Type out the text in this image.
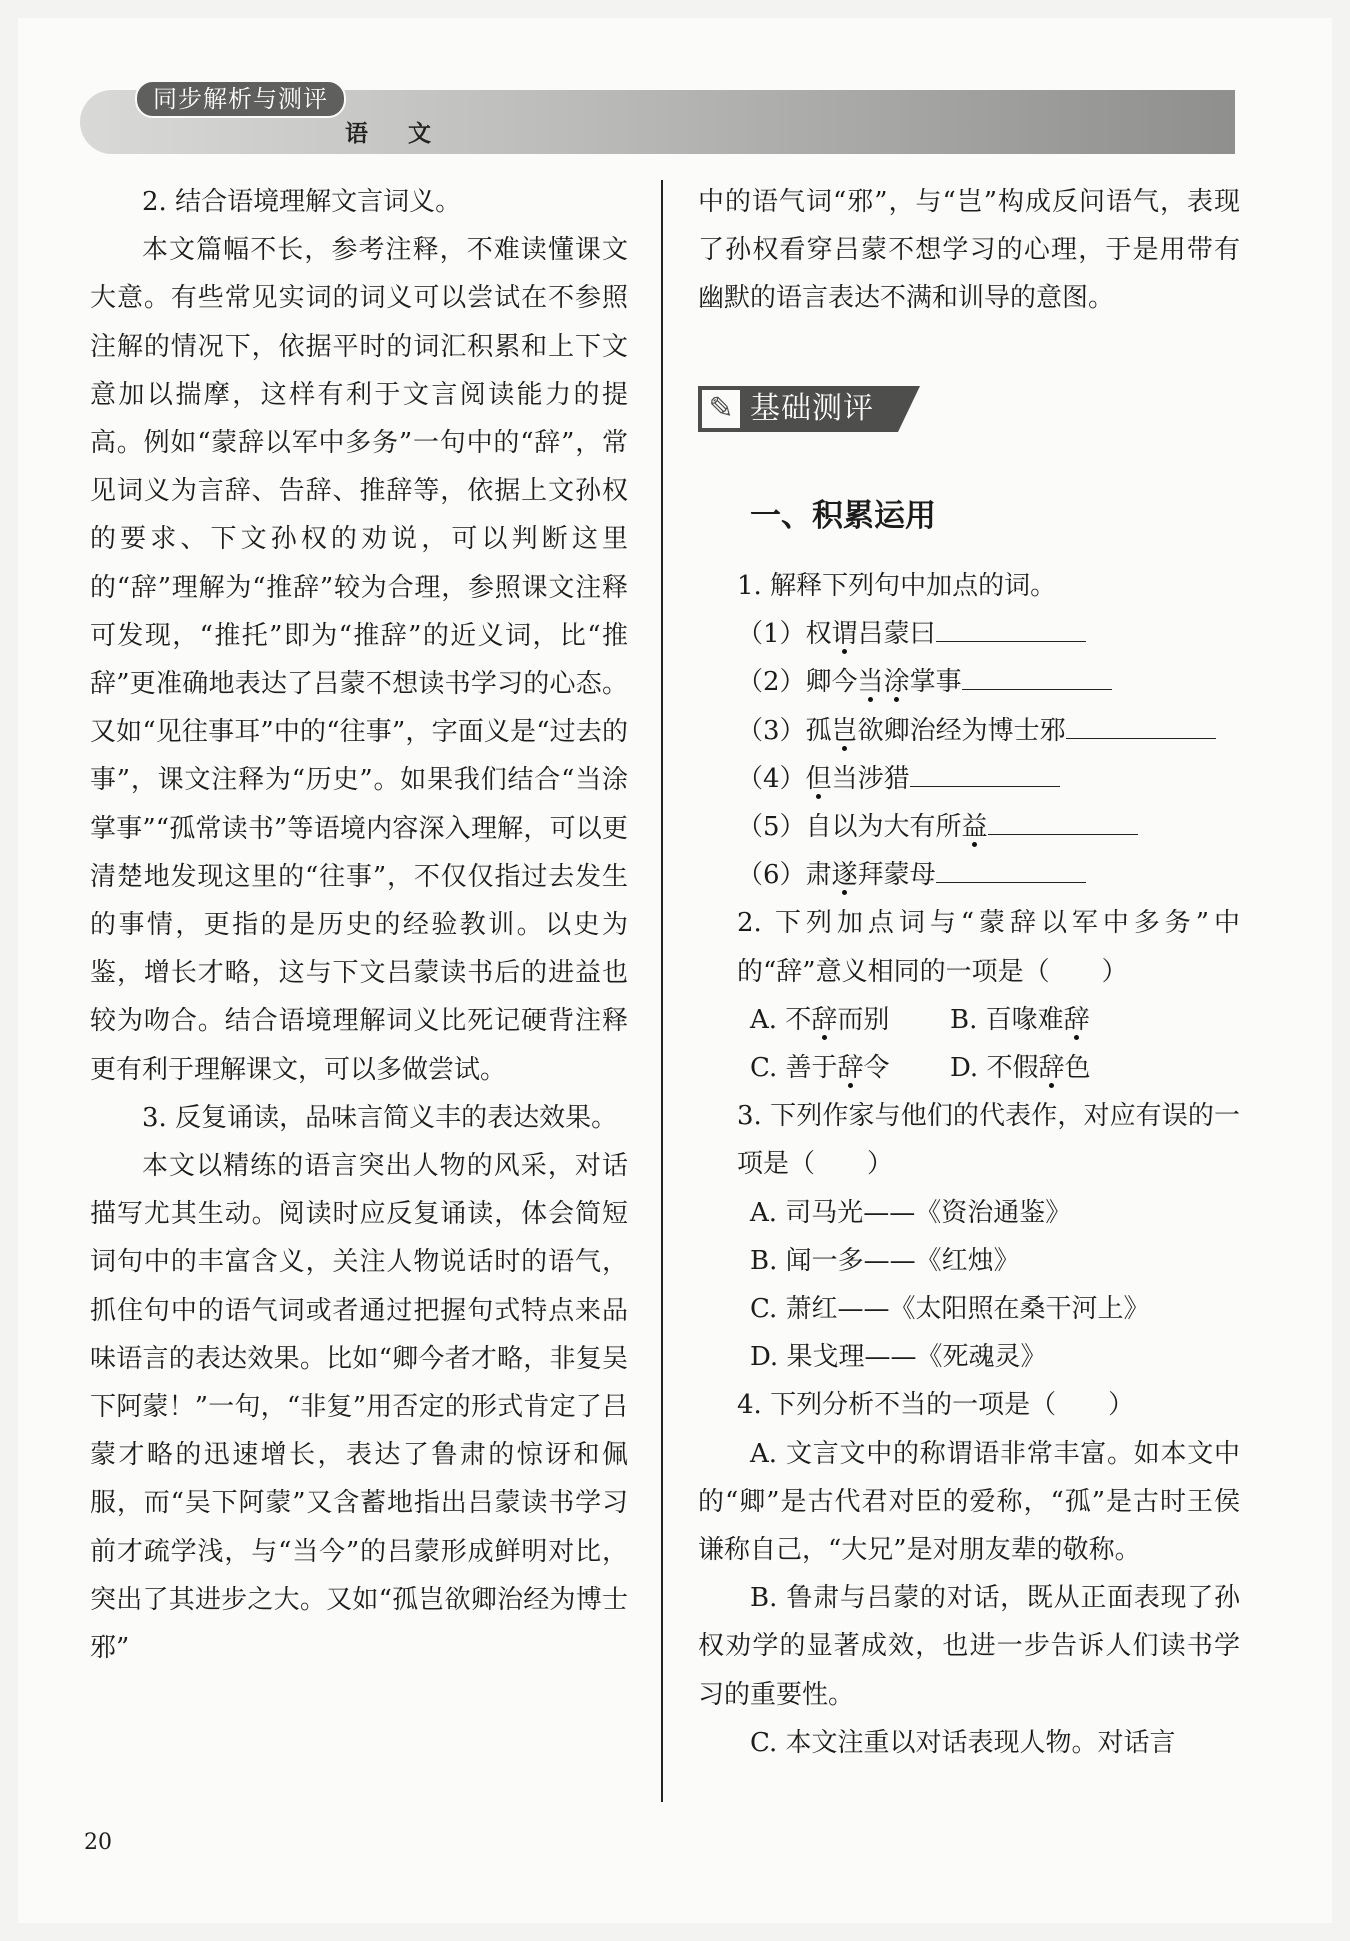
同步解析与测评
语 文

2. 结合语境理解文言词义。

本文篇幅不长，参考注释，不难读懂课文大意。有些常见实词的词义可以尝试在不参照注解的情况下，依据平时的词汇积累和上下文意加以揣摩，这样有利于文言阅读能力的提高。例如“蒙辞以军中多务”一句中的“辞”，常见词义为言辞、告辞、推辞等，依据上文孙权的要求、下文孙权的劝说，可以判断这里的“辞”理解为“推辞”较为合理，参照课文注释可发现，“推托”即为“推辞”的近义词，比“推辞”更准确地表达了吕蒙不想读书学习的心态。又如“见往事耳”中的“往事”，字面义是“过去的事”，课文注释为“历史”。如果我们结合“当涂掌事”“孤常读书”等语境内容深入理解，可以更清楚地发现这里的“往事”，不仅仅指过去发生的事情，更指的是历史的经验教训。以史为鉴，增长才略，这与下文吕蒙读书后的进益也较为吻合。结合语境理解词义比死记硬背注释更有利于理解课文，可以多做尝试。

3. 反复诵读，品味言简义丰的表达效果。

本文以精练的语言突出人物的风采，对话描写尤其生动。阅读时应反复诵读，体会简短词句中的丰富含义，关注人物说话时的语气，抓住句中的语气词或者通过把握句式特点来品味语言的表达效果。比如“卿今者才略，非复吴下阿蒙！”一句，“非复”用否定的形式肯定了吕蒙才略的迅速增长，表达了鲁肃的惊讶和佩服，而“吴下阿蒙”又含蓄地指出吕蒙读书学习前才疏学浅，与“当今”的吕蒙形成鲜明对比，突出了其进步之大。又如“孤岂欲卿治经为博士邪”

中的语气词“邪”，与“岂”构成反问语气，表现了孙权看穿吕蒙不想学习的心理，于是用带有幽默的语言表达不满和训导的意图。

✎ 基础测评
一、积累运用

1. 解释下列句中加点的词。

（1）权谓吕蒙曰

（2）卿今当涂掌事

（3）孤岂欲卿治经为博士邪

（4）但当涉猎

（5）自以为大有所益

（6）肃遂拜蒙母

2. 下列加点词与“蒙辞以军中多务”中的“辞”意义相同的一项是（　　）

A. 不辞而别 B. 百喙难辞

C. 善于辞令 D. 不假辞色

3. 下列作家与他们的代表作，对应有误的一项是（　　）

A. 司马光——《资治通鉴》

B. 闻一多——《红烛》

C. 萧红——《太阳照在桑干河上》

D. 果戈理——《死魂灵》

4. 下列分析不当的一项是（　　）

A. 文言文中的称谓语非常丰富。如本文中的“卿”是古代君对臣的爱称，“孤”是古时王侯谦称自己，“大兄”是对朋友辈的敬称。

B. 鲁肃与吕蒙的对话，既从正面表现了孙权劝学的显著成效，也进一步告诉人们读书学习的重要性。

C. 本文注重以对话表现人物。对话言

20
